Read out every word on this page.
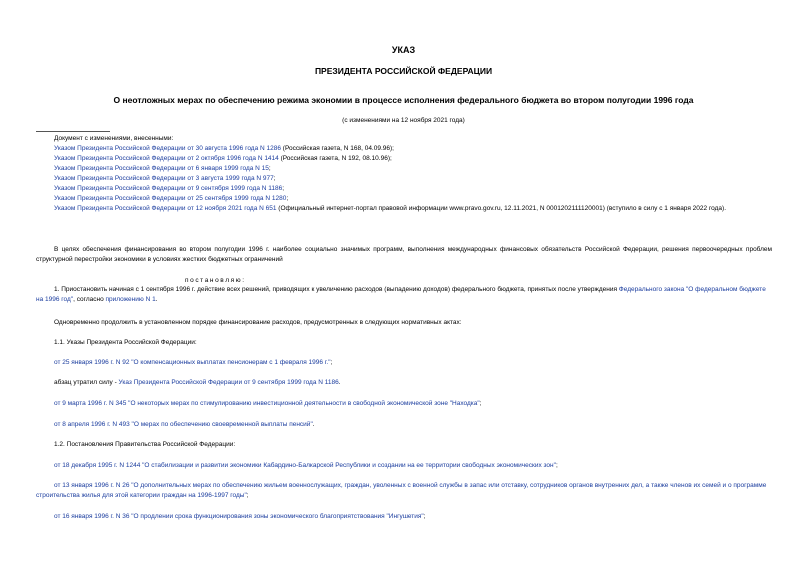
УКАЗ
ПРЕЗИДЕНТА РОССИЙСКОЙ ФЕДЕРАЦИИ
О неотложных мерах по обеспечению режима экономии в процессе исполнения федерального бюджета во втором полугодии 1996 года
(с изменениями на 12 ноября 2021 года)
Документ с изменениями, внесенными:
Указом Президента Российской Федерации от 30 августа 1996 года N 1286 (Российская газета, N 168, 04.09.96);
Указом Президента Российской Федерации от 2 октября 1996 года N 1414 (Российская газета, N 192, 08.10.96);
Указом Президента Российской Федерации от 6 января 1999 года N 15;
Указом Президента Российской Федерации от 3 августа 1999 года N 977;
Указом Президента Российской Федерации от 9 сентября 1999 года N 1186;
Указом Президента Российской Федерации от 25 сентября 1999 года N 1280;
Указом Президента Российской Федерации от 12 ноября 2021 года N 651 (Официальный интернет-портал правовой информации www.pravo.gov.ru, 12.11.2021, N 0001202111120001) (вступило в силу с 1 января 2022 года).
В целях обеспечения финансирования во втором полугодии 1996 г. наиболее социально значимых программ, выполнения международных финансовых обязательств Российской Федерации, решения первоочередных проблем структурной перестройки экономики в условиях жестких бюджетных ограничений
постановляю:
1. Приостановить начиная с 1 сентября 1996 г. действие всех решений, приводящих к увеличению расходов (выпадению доходов) федерального бюджета, принятых после утверждения Федерального закона "О федеральном бюджете на 1996 год", согласно приложению N 1.
Одновременно продолжить в установленном порядке финансирование расходов, предусмотренных в следующих нормативных актах:
1.1. Указы Президента Российской Федерации:
от 25 января 1996 г. N 92 "О компенсационных выплатах пенсионерам с 1 февраля 1996 г.";
абзац утратил силу - Указ Президента Российской Федерации от 9 сентября 1999 года N 1186.
от 9 марта 1996 г. N 345 "О некоторых мерах по стимулированию инвестиционной деятельности в свободной экономической зоне "Находка";
от 8 апреля 1996 г. N 493 "О мерах по обеспечению своевременной выплаты пенсий".
1.2. Постановления Правительства Российской Федерации:
от 18 декабря 1995 г. N 1244 "О стабилизации и развитии экономики Кабардино-Балкарской Республики и создании на ее территории свободных экономических зон";
от 13 января 1996 г. N 26 "О дополнительных мерах по обеспечению жильем военнослужащих, граждан, уволенных с военной службы в запас или отставку, сотрудников органов внутренних дел, а также членов их семей и о программе строительства жилья для этой категории граждан на 1996-1997 годы";
от 16 января 1996 г. N 36 "О продлении срока функционирования зоны экономического благоприятствования "Ингушетия";
